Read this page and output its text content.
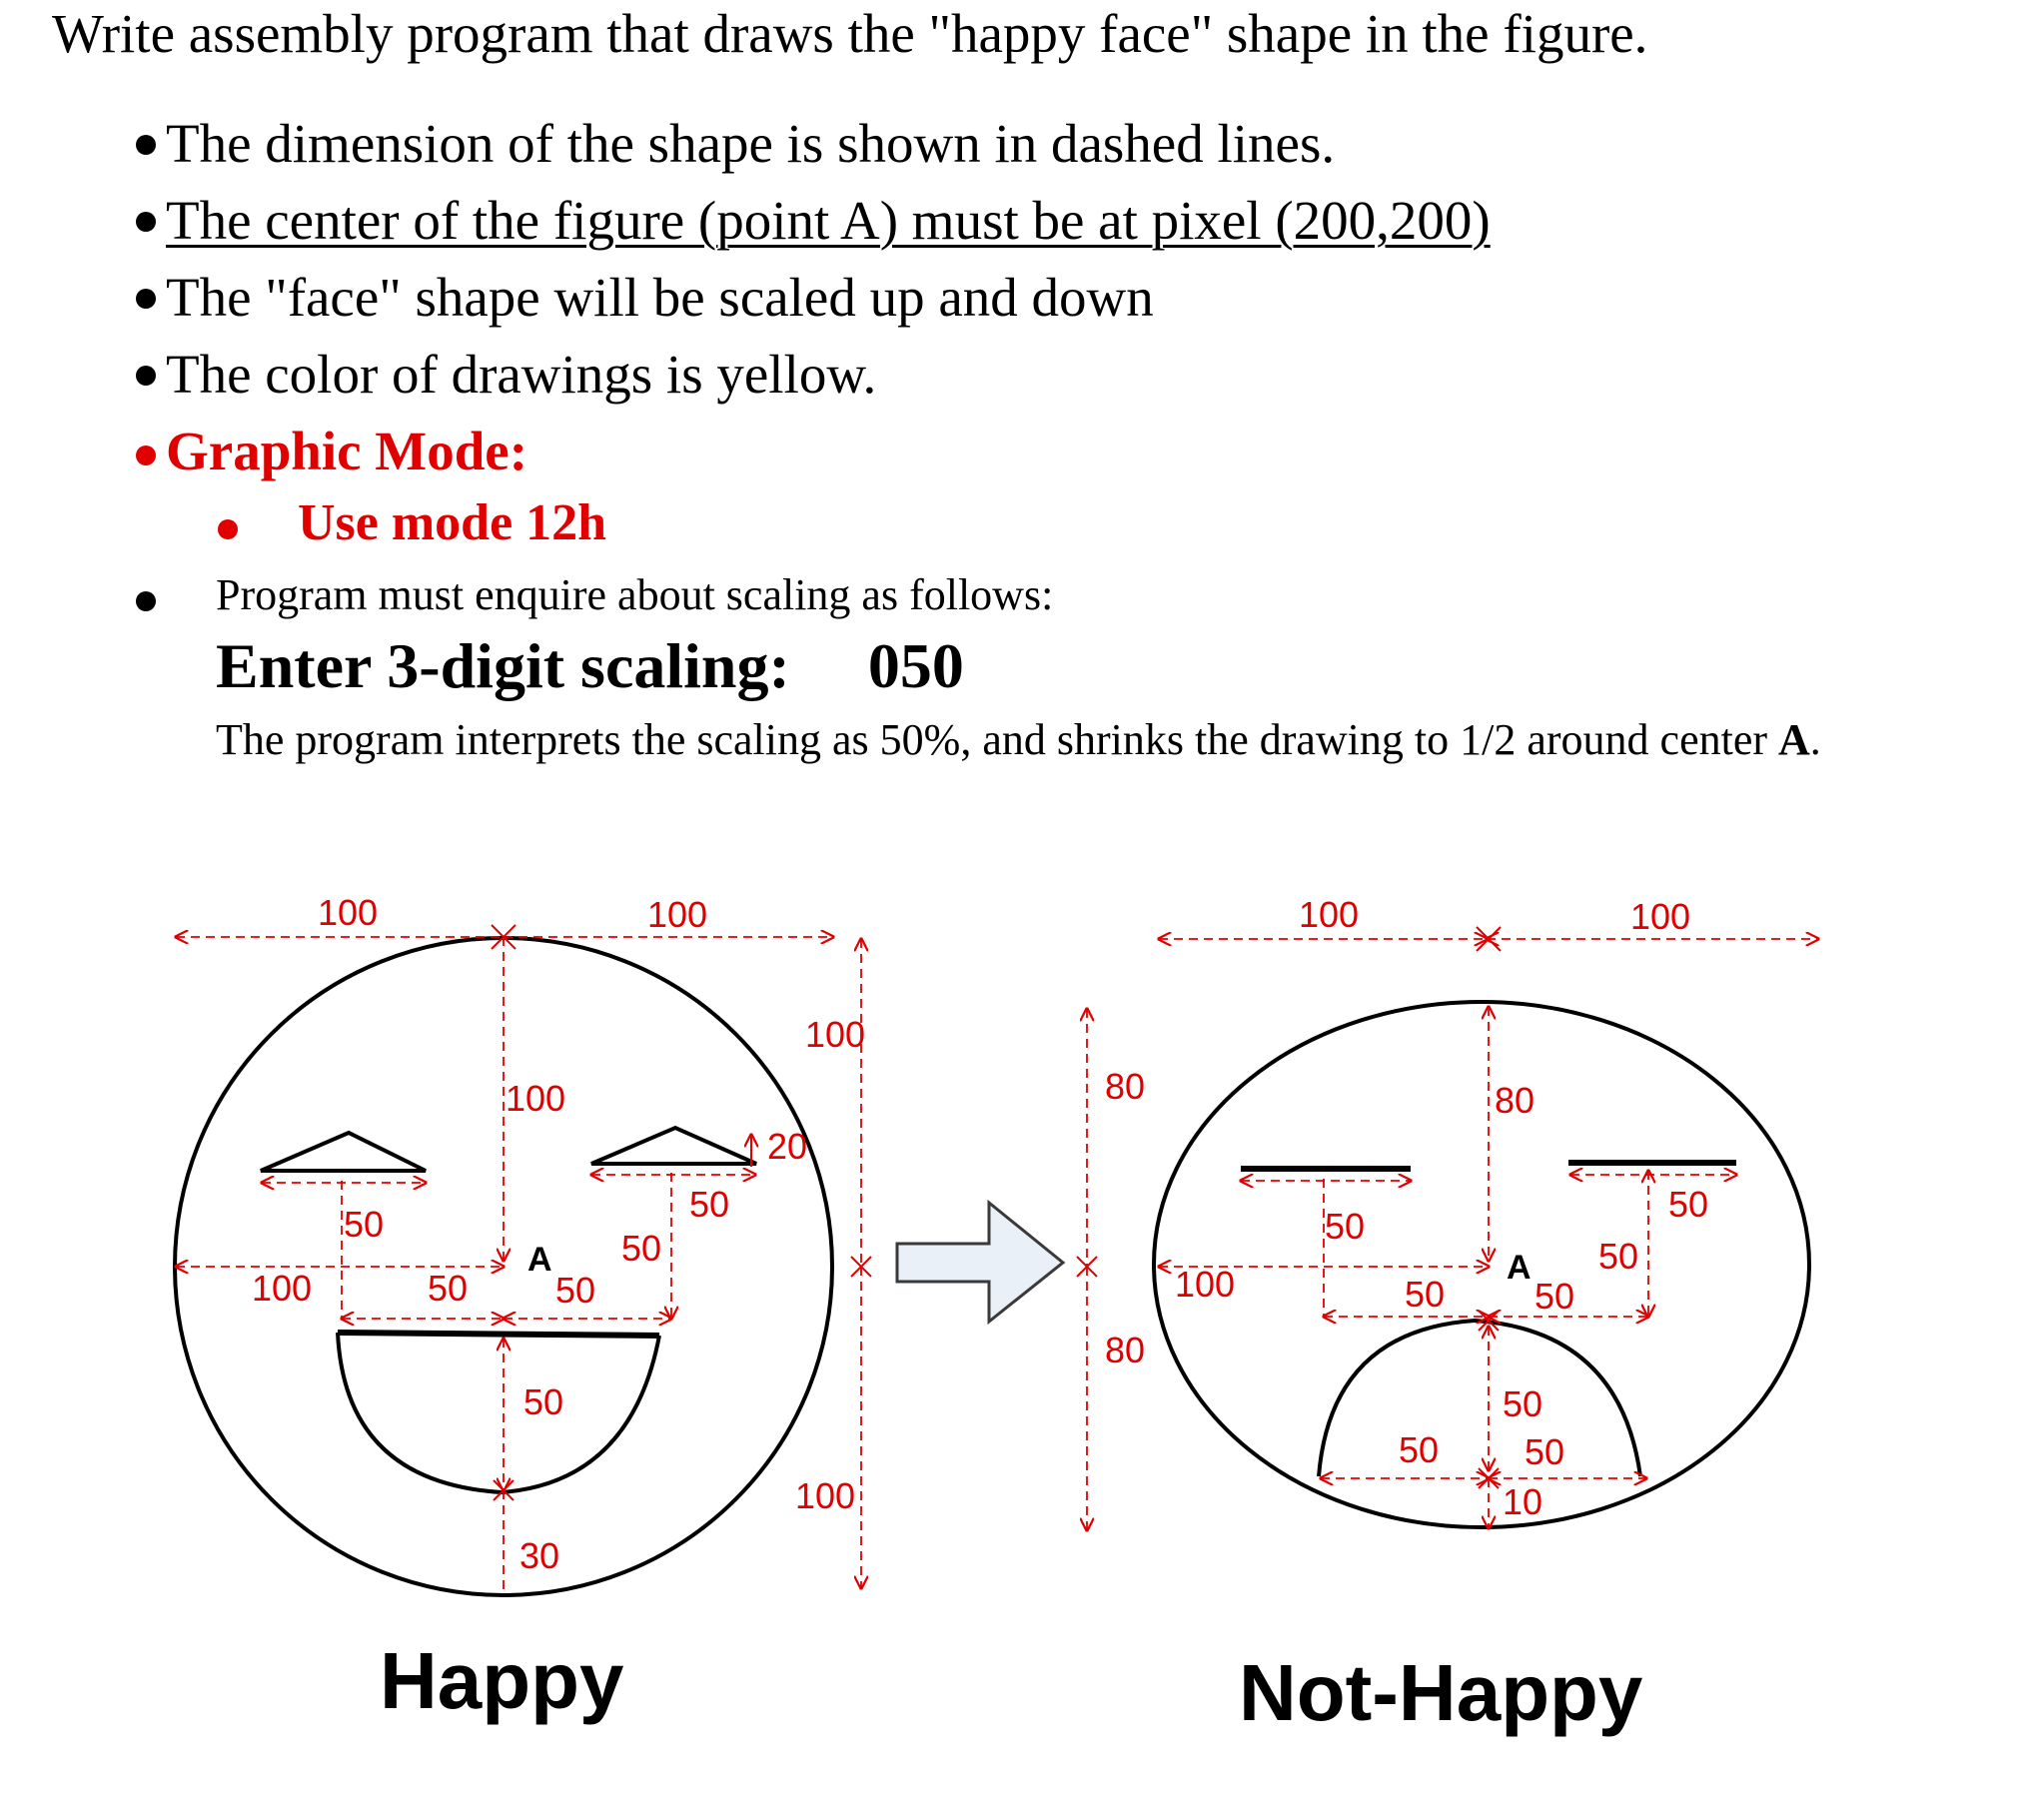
Write assembly program that draws the "happy face" shape in the figure.
The dimension of the shape is shown in dashed lines.
The center of the figure (point A) must be at pixel (200,200)
The "face" shape will be scaled up and down
The color of drawings is yellow.
Graphic Mode:
Use mode 12h
Program must enquire about scaling as follows:
Enter 3-digit scaling: 050
The program interprets the scaling as 50%, and shrinks the drawing to 1/2 around center A.
A
100	100
100
100
20
50	50
50
100	50 50
50
100
30
Happy
A
100	100
80	80
80
50
50
50
100	50 50
50
50 50
10
Not-Happy
